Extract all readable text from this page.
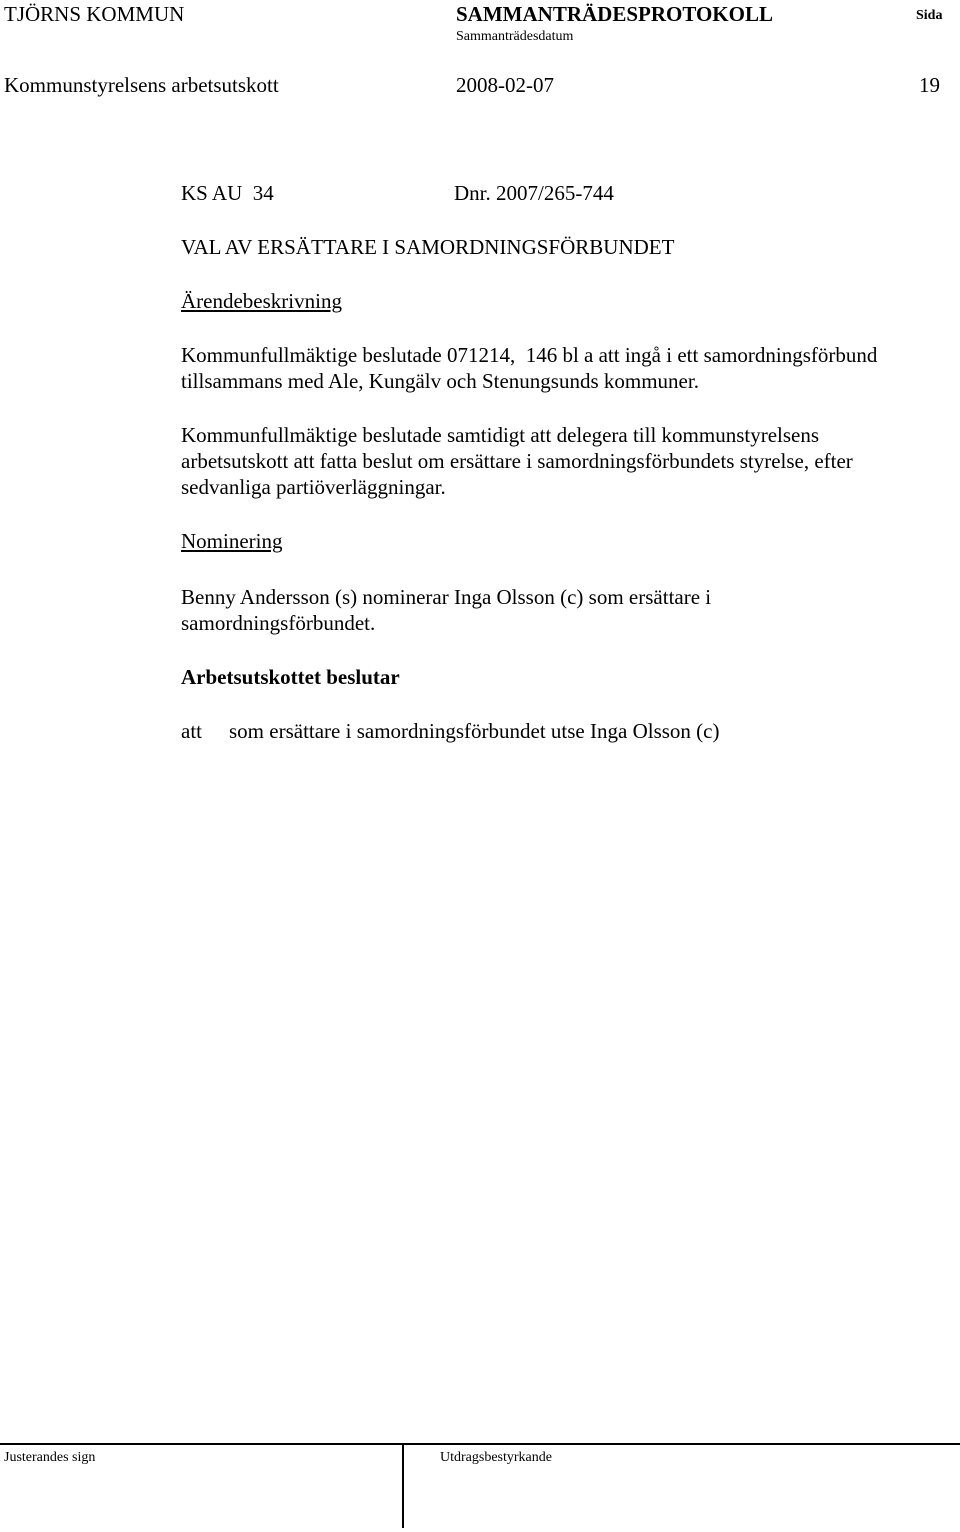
TJÖRNS KOMMUN	SAMMANTRÄDESPROTOKOLL	Sida
Sammanträdesdatum
Kommunstyrelsens arbetsutskott	2008-02-07	19
KS AU  34	Dnr. 2007/265-744
VAL AV ERSÄTTARE I SAMORDNINGSFÖRBUNDET
Ärendebeskrivning
Kommunfullmäktige beslutade 071214,  146 bl a att ingå i ett samordningsförbund
tillsammans med Ale, Kungälv och Stenungsunds kommuner.
Kommunfullmäktige beslutade samtidigt att delegera till kommunstyrelsens
arbetsutskott att fatta beslut om ersättare i samordningsförbundets styrelse, efter
sedvanliga partiöverläggningar.
Nominering
Benny Andersson (s) nominerar Inga Olsson (c) som ersättare i
samordningsförbundet.
Arbetsutskottet beslutar
att som ersättare i samordningsförbundet utse Inga Olsson (c)
Justerandes sign	Utdragsbestyrkande
